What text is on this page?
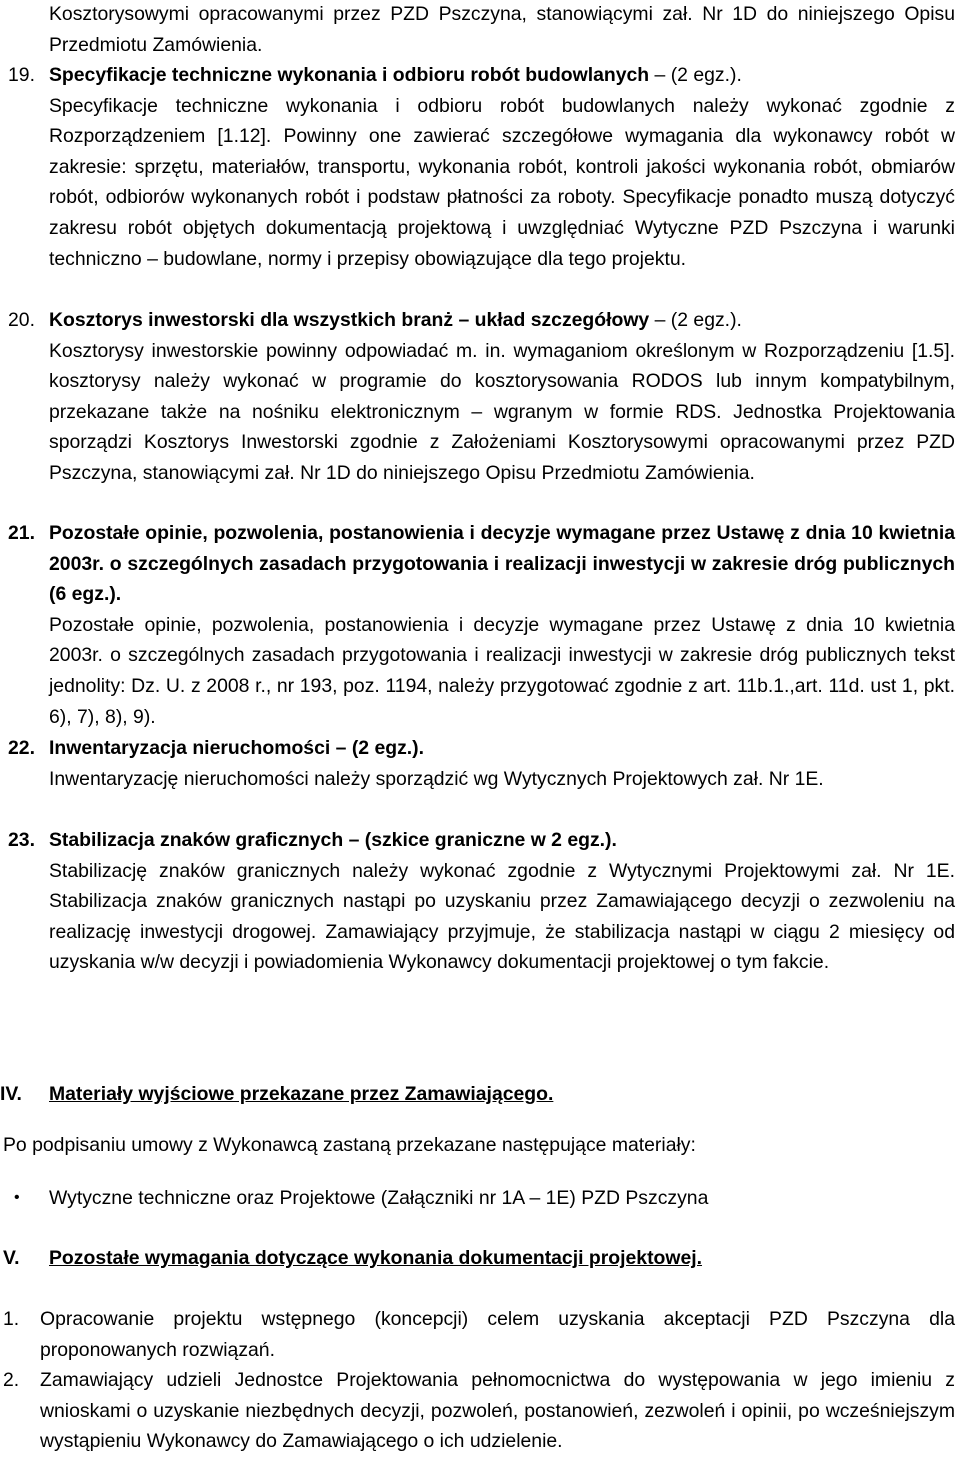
Kosztorysowymi opracowanymi przez PZD Pszczyna, stanowiącymi zał. Nr 1D do niniejszego Opisu Przedmiotu Zamówienia.

19. Specyfikacje techniczne wykonania i odbioru robót budowlanych – (2 egz.).

Specyfikacje techniczne wykonania i odbioru robót budowlanych należy wykonać zgodnie z Rozporządzeniem [1.12]. Powinny one zawierać szczegółowe wymagania dla wykonawcy robót w zakresie: sprzętu, materiałów, transportu, wykonania robót, kontroli jakości wykonania robót, obmiarów robót, odbiorów wykonanych robót i podstaw płatności za roboty. Specyfikacje ponadto muszą dotyczyć zakresu robót objętych dokumentacją projektową i uwzględniać Wytyczne PZD Pszczyna i warunki techniczno – budowlane, normy i przepisy obowiązujące dla tego projektu.

20. Kosztorys inwestorski dla wszystkich branż – układ szczegółowy – (2 egz.).

Kosztorysy inwestorskie powinny odpowiadać m. in. wymaganiom określonym w Rozporządzeniu [1.5]. kosztorysy należy wykonać w programie do kosztorysowania RODOS lub innym kompatybilnym, przekazane także na nośniku elektronicznym – wgranym w formie RDS. Jednostka Projektowania sporządzi Kosztorys Inwestorski zgodnie z Założeniami Kosztorysowymi opracowanymi przez PZD Pszczyna, stanowiącymi zał. Nr 1D do niniejszego Opisu Przedmiotu Zamówienia.

21. Pozostałe opinie, pozwolenia, postanowienia i decyzje wymagane przez Ustawę z dnia 10 kwietnia 2003r. o szczególnych zasadach przygotowania i realizacji inwestycji w zakresie dróg publicznych (6 egz.).

Pozostałe opinie, pozwolenia, postanowienia i decyzje wymagane przez Ustawę z dnia 10 kwietnia 2003r. o szczególnych zasadach przygotowania i realizacji inwestycji w zakresie dróg publicznych tekst jednolity: Dz. U. z 2008 r., nr 193, poz. 1194, należy przygotować zgodnie z art. 11b.1.,art. 11d. ust 1, pkt. 6), 7), 8), 9).

22. Inwentaryzacja nieruchomości – (2 egz.).

Inwentaryzację nieruchomości należy sporządzić wg Wytycznych Projektowych zał. Nr 1E.

23. Stabilizacja znaków graficznych – (szkice graniczne w 2 egz.).

Stabilizację znaków granicznych należy wykonać zgodnie z Wytycznymi Projektowymi zał. Nr 1E. Stabilizacja znaków granicznych nastąpi po uzyskaniu przez Zamawiającego decyzji o zezwoleniu na realizację inwestycji drogowej. Zamawiający przyjmuje, że stabilizacja nastąpi w ciągu 2 miesięcy od uzyskania w/w decyzji i powiadomienia Wykonawcy dokumentacji projektowej o tym fakcie.

IV. Materiały wyjściowe przekazane przez Zamawiającego.
Po podpisaniu umowy z Wykonawcą zastaną przekazane następujące materiały:
• Wytyczne techniczne oraz Projektowe (Załączniki nr 1A – 1E) PZD Pszczyna
V. Pozostałe wymagania dotyczące wykonania dokumentacji projektowej.
1. Opracowanie projektu wstępnego (koncepcji) celem uzyskania akceptacji PZD Pszczyna dla proponowanych rozwiązań.
2. Zamawiający udzieli Jednostce Projektowania pełnomocnictwa do występowania w jego imieniu z wnioskami o uzyskanie niezbędnych decyzji, pozwoleń, postanowień, zezwoleń i opinii, po wcześniejszym wystąpieniu Wykonawcy do Zamawiającego o ich udzielenie.
